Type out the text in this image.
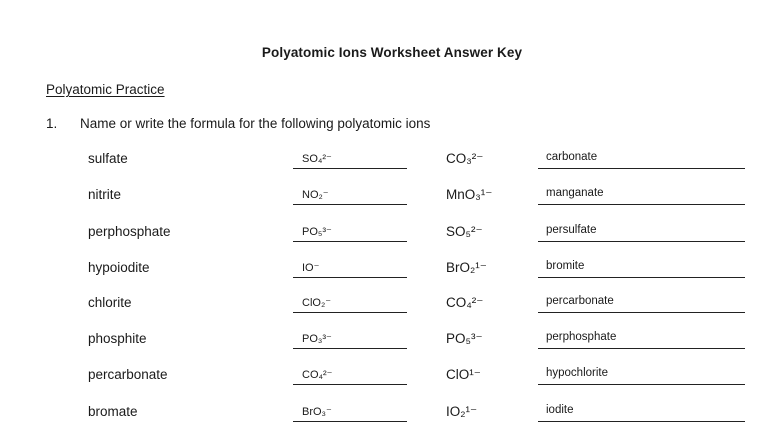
Polyatomic Ions Worksheet Answer Key
Polyatomic Practice
1. Name or write the formula for the following polyatomic ions
sulfate	SO₄²⁻	CO₃²⁻	carbonate
nitrite	NO₂⁻	MnO₃¹⁻	manganate
perphosphate	PO₅³⁻	SO₅²⁻	persulfate
hypoiodite	IO⁻	BrO₂¹⁻	bromite
chlorite	ClO₂⁻	CO₄²⁻	percarbonate
phosphite	PO₃³⁻	PO₅³⁻	perphosphate
percarbonate	CO₄²⁻	ClO¹⁻	hypochlorite
bromate	BrO₃⁻	IO₂¹⁻	iodite
